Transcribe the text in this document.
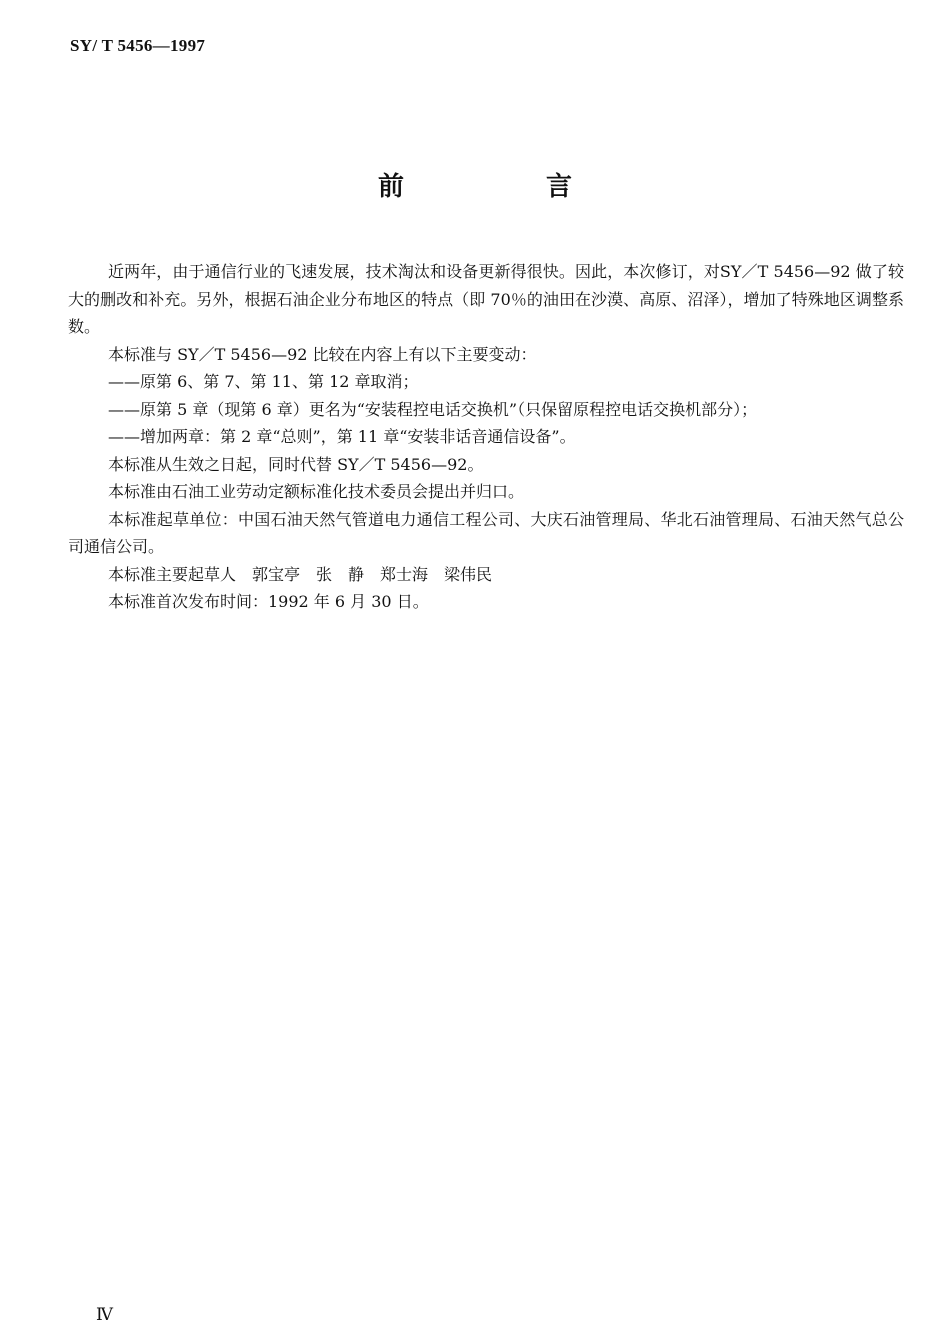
SY/ T 5456—1997
前　言

近两年，由于通信行业的飞速发展，技术淘汰和设备更新得很快。因此，本次修订，对SY／T 5456—92 做了较大的删改和补充。另外，根据石油企业分布地区的特点（即 70％的油田在沙漠、高原、沼泽），增加了特殊地区调整系数。

本标准与 SY／T 5456—92 比较在内容上有以下主要变动：

——原第 6、第 7、第 11、第 12 章取消；

——原第 5 章（现第 6 章）更名为“安装程控电话交换机”（只保留原程控电话交换机部分）；

——增加两章：第 2 章“总则”，第 11 章“安装非话音通信设备”。

本标准从生效之日起，同时代替 SY／T 5456—92。

本标准由石油工业劳动定额标准化技术委员会提出并归口。

本标准起草单位：中国石油天然气管道电力通信工程公司、大庆石油管理局、华北石油管理局、石油天然气总公司通信公司。

本标准主要起草人　郭宝亭　张　静　郑士海　梁伟民

本标准首次发布时间：1992 年 6 月 30 日。

Ⅳ
